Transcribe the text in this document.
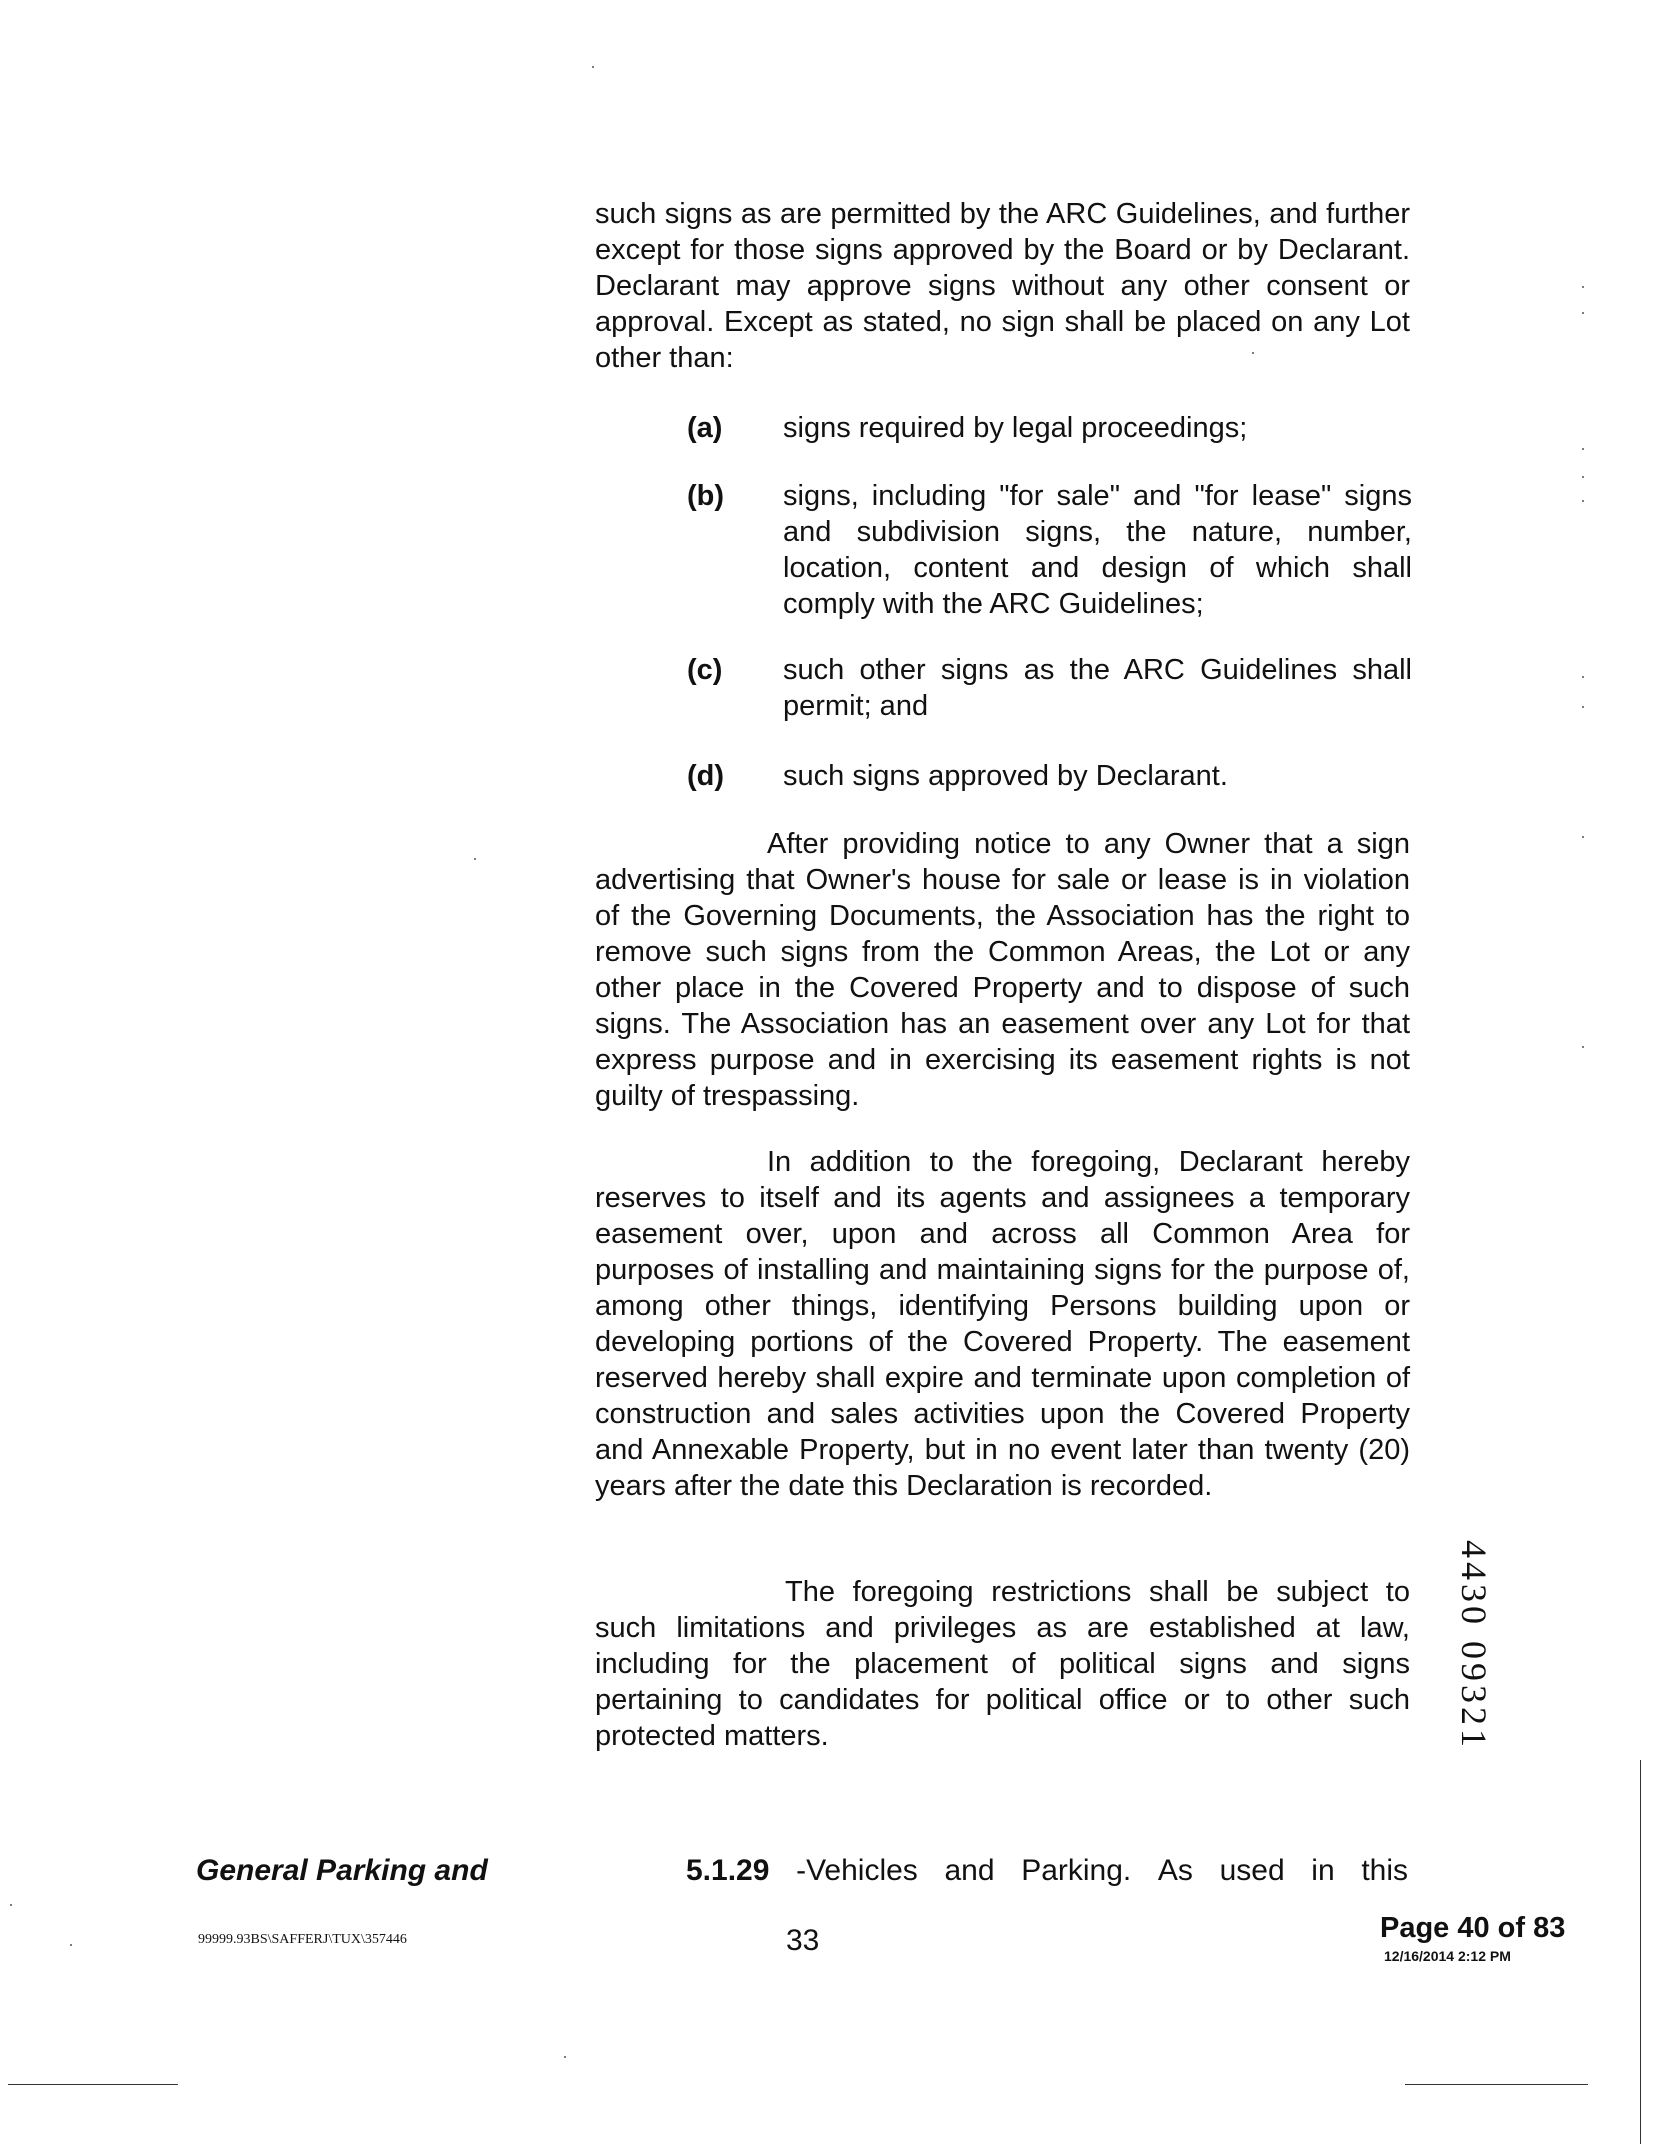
such signs as are permitted by the ARC Guidelines, and further except for those signs approved by the Board or by Declarant. Declarant may approve signs without any other consent or approval. Except as stated, no sign shall be placed on any Lot other than:

(a)	signs required by legal proceedings;
(b)	signs, including "for sale" and "for lease" signs and subdivision signs, the nature, number, location, content and design of which shall comply with the ARC Guidelines;
(c)	such other signs as the ARC Guidelines shall permit; and
(d)	such signs approved by Declarant.

After providing notice to any Owner that a sign advertising that Owner's house for sale or lease is in violation of the Governing Documents, the Association has the right to remove such signs from the Common Areas, the Lot or any other place in the Covered Property and to dispose of such signs. The Association has an easement over any Lot for that express purpose and in exercising its easement rights is not guilty of trespassing.

In addition to the foregoing, Declarant hereby reserves to itself and its agents and assignees a temporary easement over, upon and across all Common Area for purposes of installing and maintaining signs for the purpose of, among other things, identifying Persons building upon or developing portions of the Covered Property. The easement reserved hereby shall expire and terminate upon completion of construction and sales activities upon the Covered Property and Annexable Property, but in no event later than twenty (20) years after the date this Declaration is recorded.

The foregoing restrictions shall be subject to such limitations and privileges as are established at law, including for the placement of political signs and signs pertaining to candidates for political office or to other such protected matters.

General Parking and	5.1.29 -Vehicles and Parking. As used in this
99999.93BS\SAFFERJ\TUX\357446	33	Page 40 of 83
12/16/2014 2:12 PM
4430 09321
